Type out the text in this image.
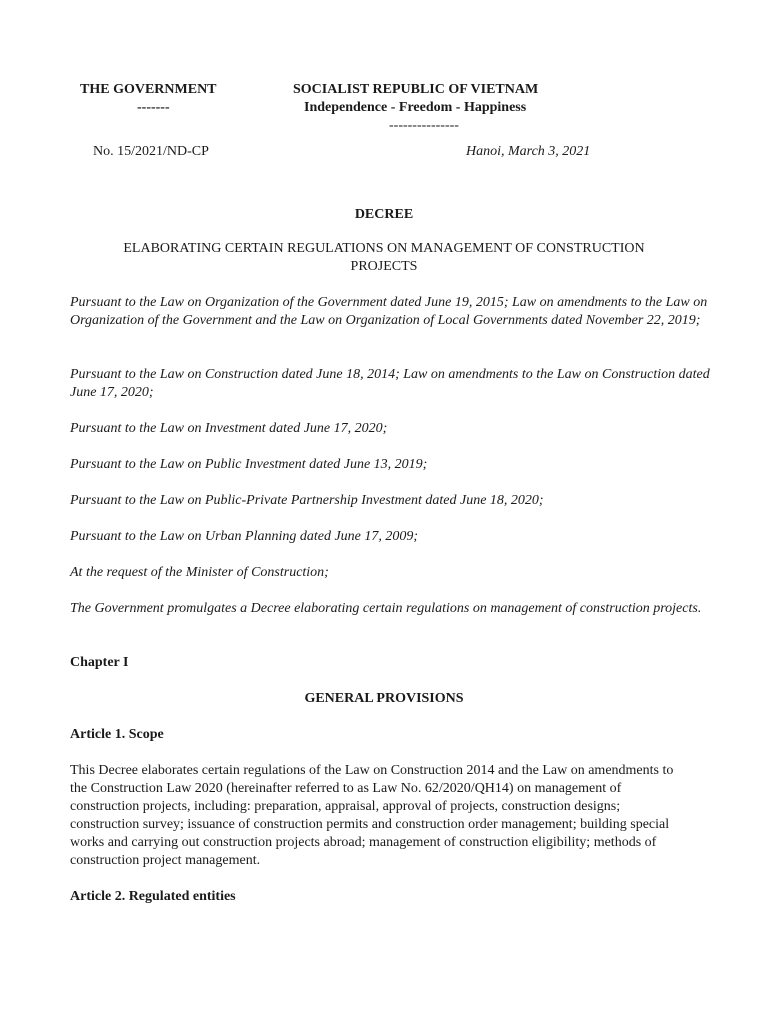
THE GOVERNMENT
-------
SOCIALIST REPUBLIC OF VIETNAM
Independence - Freedom - Happiness
---------------
No. 15/2021/ND-CP	Hanoi, March 3, 2021
DECREE
ELABORATING CERTAIN REGULATIONS ON MANAGEMENT OF CONSTRUCTION
PROJECTS
Pursuant to the Law on Organization of the Government dated June 19, 2015; Law on amendments to the Law on Organization of the Government and the Law on Organization of Local Governments dated November 22, 2019;
Pursuant to the Law on Construction dated June 18, 2014; Law on amendments to the Law on Construction dated June 17, 2020;
Pursuant to the Law on Investment dated June 17, 2020;
Pursuant to the Law on Public Investment dated June 13, 2019;
Pursuant to the Law on Public-Private Partnership Investment dated June 18, 2020;
Pursuant to the Law on Urban Planning dated June 17, 2009;
At the request of the Minister of Construction;
The Government promulgates a Decree elaborating certain regulations on management of construction projects.
Chapter I
GENERAL PROVISIONS
Article 1. Scope
This Decree elaborates certain regulations of the Law on Construction 2014 and the Law on amendments to the Construction Law 2020 (hereinafter referred to as Law No. 62/2020/QH14) on management of construction projects, including: preparation, appraisal, approval of projects, construction designs; construction survey; issuance of construction permits and construction order management; building special works and carrying out construction projects abroad; management of construction eligibility; methods of construction project management.
Article 2. Regulated entities
